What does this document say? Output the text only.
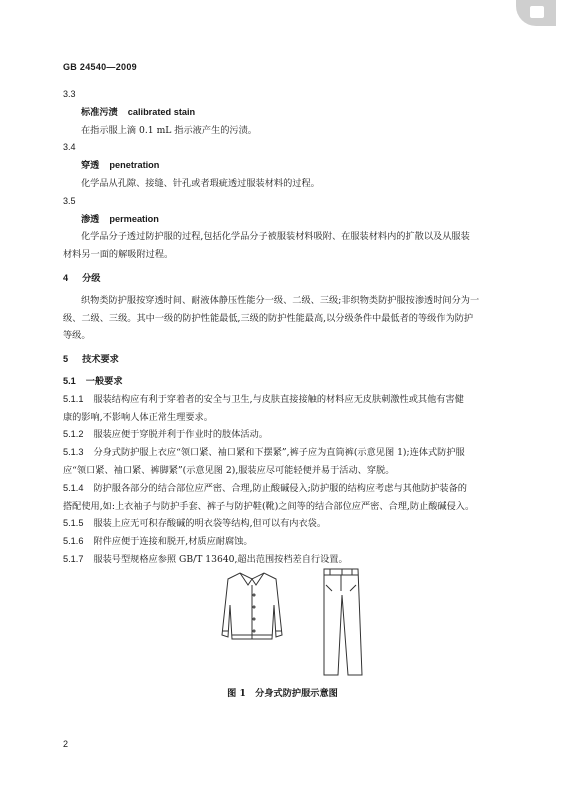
GB 24540—2009
3.3
标准污渍 calibrated stain
在指示服上滴 0.1 mL 指示液产生的污渍。
3.4
穿透 penetration
化学品从孔隙、接缝、针孔或者瑕疵透过服装材料的过程。
3.5
渗透 permeation
化学品分子透过防护服的过程,包括化学品分子被服装材料吸附、在服装材料内的扩散以及从服装
材料另一面的解吸附过程。
4 分级
织物类防护服按穿透时间、耐液体静压性能分一级、二级、三级;非织物类防护服按渗透时间分为一
级、二级、三级。其中一级的防护性能最低,三级的防护性能最高,以分级条件中最低者的等级作为防护
等级。
5 技术要求
5.1 一般要求
5.1.1 服装结构应有利于穿着者的安全与卫生,与皮肤直接接触的材料应无皮肤刺激性或其他有害健
康的影响,不影响人体正常生理要求。
5.1.2 服装应便于穿脱并利于作业时的肢体活动。
5.1.3 分身式防护服上衣应“领口紧、袖口紧和下摆紧”,裤子应为直筒裤(示意见图 1);连体式防护服
应“领口紧、袖口紧、裤脚紧”(示意见图 2),服装应尽可能轻便并易于活动、穿脱。
5.1.4 防护服各部分的结合部位应严密、合理,防止酸碱侵入;防护服的结构应考虑与其他防护装备的
搭配使用,如:上衣袖子与防护手套、裤子与防护鞋(靴)之间等的结合部位应严密、合理,防止酸碱侵入。
5.1.5 服装上应无可积存酸碱的明衣袋等结构,但可以有内衣袋。
5.1.6 附件应便于连接和脱开,材质应耐腐蚀。
5.1.7 服装号型规格应参照 GB/T 13640,超出范围按档差自行设置。
图 1　分身式防护服示意图
2
